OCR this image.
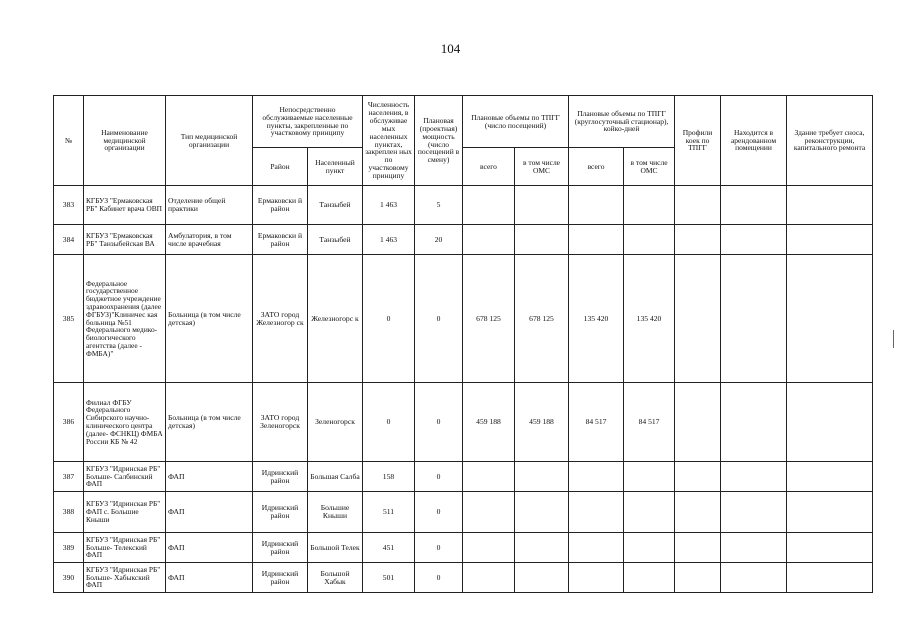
104
№	Наименование медицинской организации	Тип медицинской организации	Непосредственно обслуживаемые населенные пункты, закрепленные по участковому принципу		Численность населения, в обслуживае мых населенных пунктах, закреплен ных по участковому принципу	Плановая (проектная) мощность (число посещений в смену)	Плановые объемы по ТПГГ (число посещений)		Плановые объемы по ТПГГ (круглосуточный стационар), койко-дней		Профили коек по ТПГГ	Находится в арендованном помещении	Здание требует сноса, реконструкции, капитального ремонта
			Район	Населенный пункт			всего	в том числе ОМС	всего	в том числе ОМС			
383	КГБУЗ "Ермаковская РБ" Кабинет врача ОВП	Отделение общей практики	Ермаковски й район	Танзыбей	1 463	5							
384	КГБУЗ "Ермаковская РБ" Танзыбейская ВА	Амбулатория, в том числе врачебная	Ермаковски й район	Танзыбей	1 463	20							
385	Федеральное государственное бюджетное учреждение здравоохранения (далее ФГБУЗ)"Клиничес кая больница №51 Федерального медико- биологического агентства (далее - ФМБА)"	Больница (в том числе детская)	ЗАТО город Железногор ск	Железногорс к	0	0	678 125	678 125	135 420	135 420			
386	Филиал ФГБУ Федерального Сибирского научно- клинического центра (далее- ФСНКЦ) ФМБА России КБ № 42	Больница (в том числе детская)	ЗАТО город Зеленогорск	Зеленогорск	0	0	459 188	459 188	84 517	84 517			
387	КГБУЗ "Идринская РБ" Больше- Салбинский ФАП	ФАП	Идринский район	Большая Салба	158	0							
388	КГБУЗ "Идринская РБ" ФАП с. Большие Кныши	ФАП	Идринский район	Большие Кныши	511	0							
389	КГБУЗ "Идринская РБ" Больше- Телекский ФАП	ФАП	Идринский район	Большой Телек	451	0							
390	КГБУЗ "Идринская РБ" Больше- Хабыкский ФАП	ФАП	Идринский район	Большой Хабык	501	0							
